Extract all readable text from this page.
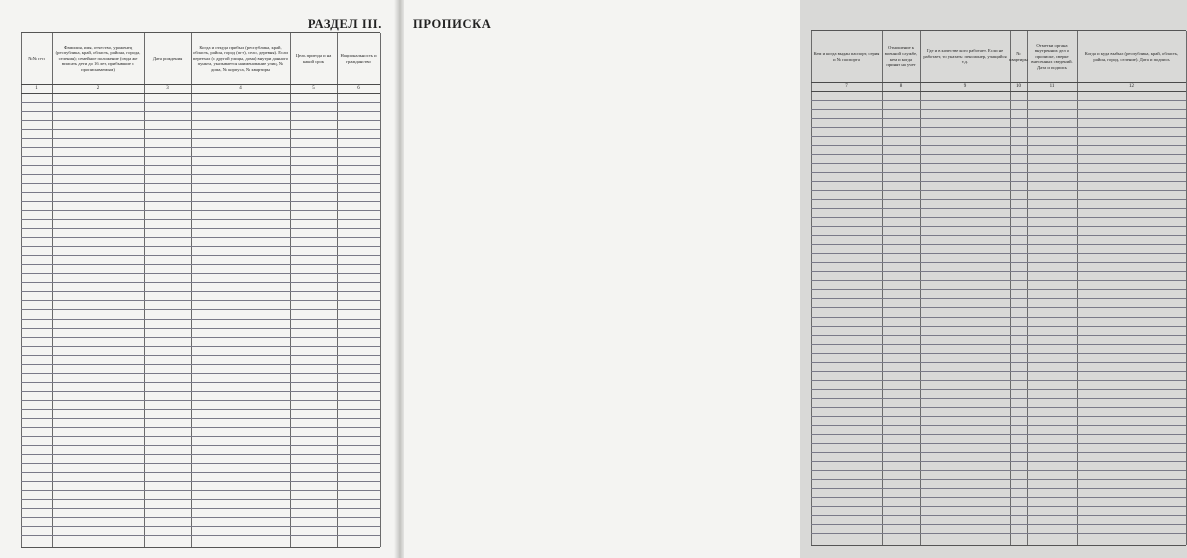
РАЗДЕЛ III.
№№ п-п
1
Фамилия, имя, отчество, уроженец (республика, край, область, района, города, селения); семейное положение (сюда же вписать дети до 16 лет, прибывшие с прописываемым)
2
Дата рождения
3
Когда и откуда прибыл (республика, край, область, район, город (пгт), село, деревня). Если переехал (с другой улицы, дома) внутри данного пункта, указывается наименование улиц, № дома, № корпуса, № квартиры
4
Цель приезда и на какой срок
5
Национальность и гражданство
6
ПРОПИСКА
Кем и когда выдан паспорт, серия и № паспорта
7
Отношение к военной службе, кем и когда принят на учет
8
Где и в качестве кого работает. Если не работает, то указать: пенсионер, учащийся т.д.
9
№ квартиры
10
Отметки органа внутренних дел о прописке, сверке внесенных сведений. Дата и подпись
11
Когда и куда выбыл (республика, край, область, район, город, селение). Дата и подпись
12
